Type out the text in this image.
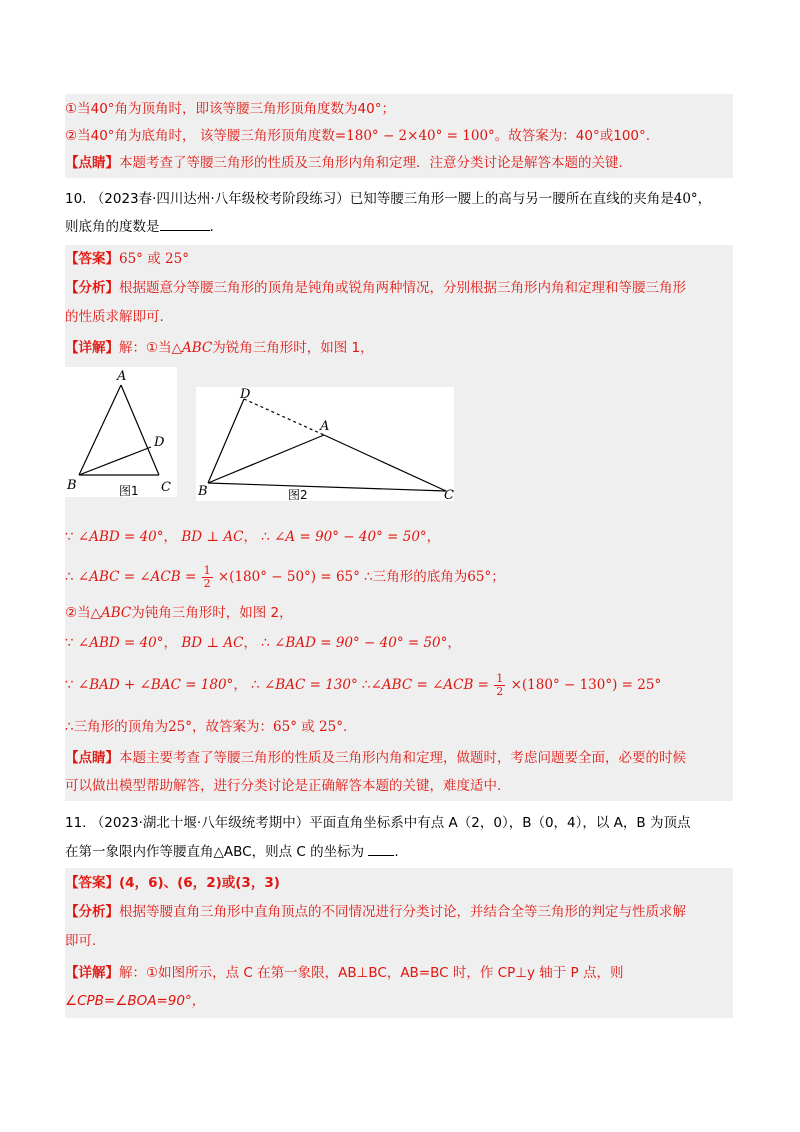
①当40°角为顶角时，即该等腰三角形顶角度数为40°；
②当40°角为底角时， 该等腰三角形顶角度数=180° − 2×40° = 100°。故答案为：40°或100°.
【点睛】本题考查了等腰三角形的性质及三角形内角和定理．注意分类讨论是解答本题的关键.
10. （2023春·四川达州·八年级校考阶段练习）已知等腰三角形一腰上的高与另一腰所在直线的夹角是40°，
则底角的度数是	.
【答案】65° 或 25°
【分析】根据题意分等腰三角形的顶角是钝角或锐角两种情况，分别根据三角形内角和定理和等腰三角形
的性质求解即可.
【详解】解：①当△ABC为锐角三角形时，如图 1，
A
B	C
D
图1
D
A
B	C
图2
∵ ∠ABD = 40°， BD ⊥ AC， ∴ ∠A = 90° − 40° = 50°，
∴ ∠ABC = ∠ACB = $\frac{1}{2} \times(180^\circ - 50^\circ) = 65^\circ$ ∴三角形的底角为65°；
②当△ABC为钝角三角形时，如图 2，
∵ ∠ABD = 40°， BD ⊥ AC， ∴ ∠BAD = 90° − 40° = 50°，
∵ ∠BAD + ∠BAC = 180°， ∴ ∠BAC = 130° ∴∠ABC = ∠ACB = $\frac{1}{2} \times(180^\circ - 130^\circ) = 25^\circ$
∴三角形的顶角为25°，故答案为：65° 或 25°.
【点睛】本题主要考查了等腰三角形的性质及三角形内角和定理，做题时，考虑问题要全面，必要的时候
可以做出模型帮助解答，进行分类讨论是正确解答本题的关键，难度适中.
11. （2023·湖北十堰·八年级统考期中）平面直角坐标系中有点 A（2，0），B（0，4），以 A，B 为顶点
在第一象限内作等腰直角△ABC，则点 C 的坐标为 .
【答案】(4，6)、(6，2)或(3，3)
【分析】根据等腰直角三角形中直角顶点的不同情况进行分类讨论，并结合全等三角形的判定与性质求解
即可.
【详解】解：①如图所示，点 C 在第一象限，AB⊥BC，AB=BC 时，作 CP⊥y 轴于 P 点，则
∠CPB=∠BOA=90°，
